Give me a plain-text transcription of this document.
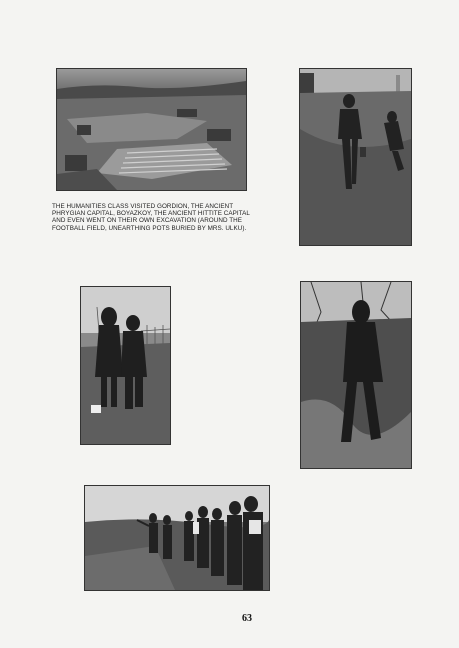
THE HUMANITIES CLASS VISITED GORDION, THE ANCIENT PHRYGIAN CAPITAL, BOYAZKOY, THE ANCIENT HITTITE CAPITAL AND EVEN WENT ON THEIR OWN EXCAVATION (AROUND THE FOOTBALL FIELD, UNEARTHING POTS BURIED BY MRS. ULKU).
63
